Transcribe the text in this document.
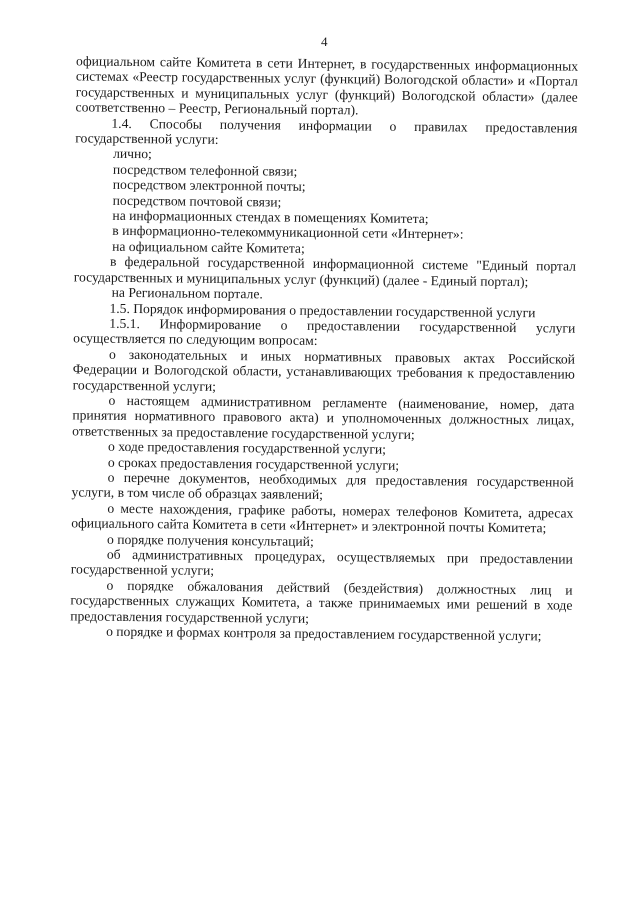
4

официальном сайте Комитета в сети Интернет, в государственных информационных системах «Реестр государственных услуг (функций) Вологодской области» и «Портал государственных и муниципальных услуг (функций) Вологодской области» (далее соответственно – Реестр, Региональный портал).

1.4. Способы получения информации о правилах предоставления государственной услуги:

лично;

посредством телефонной связи;

посредством электронной почты;

посредством почтовой связи;

на информационных стендах в помещениях Комитета;

в информационно-телекоммуникационной сети «Интернет»:

на официальном сайте Комитета;

в федеральной государственной информационной системе "Единый портал государственных и муниципальных услуг (функций) (далее - Единый портал);

на Региональном портале.

1.5. Порядок информирования о предоставлении государственной услуги

1.5.1. Информирование о предоставлении государственной услуги осуществляется по следующим вопросам:

о законодательных и иных нормативных правовых актах Российской Федерации и Вологодской области, устанавливающих требования к предоставлению государственной услуги;

о настоящем административном регламенте (наименование, номер, дата принятия нормативного правового акта) и уполномоченных должностных лицах, ответственных за предоставление государственной услуги;

о ходе предоставления государственной услуги;

о сроках предоставления государственной услуги;

о перечне документов, необходимых для предоставления государственной услуги, в том числе об образцах заявлений;

о месте нахождения, графике работы, номерах телефонов Комитета, адресах официального сайта Комитета в сети «Интернет» и электронной почты Комитета;

о порядке получения консультаций;

об административных процедурах, осуществляемых при предоставлении государственной услуги;

о порядке обжалования действий (бездействия) должностных лиц и государственных служащих Комитета, а также принимаемых ими решений в ходе предоставления государственной услуги;

о порядке и формах контроля за предоставлением государственной услуги;
